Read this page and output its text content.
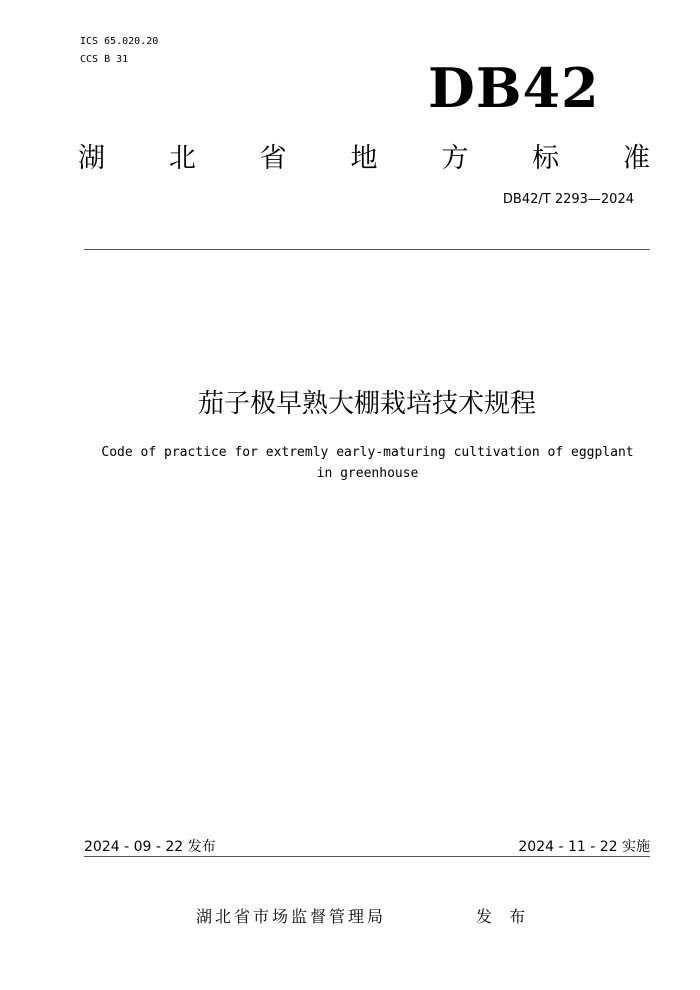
ICS 65.020.20
CCS B 31	DB42
湖 北 省 地 方 标 准
DB42/T 2293—2024
茄子极早熟大棚栽培技术规程
Code of practice for extremly early-maturing cultivation of eggplant
in greenhouse
2024 - 09 - 22 发布	2024 - 11 - 22 实施
湖北省市场监督管理局	发 布
